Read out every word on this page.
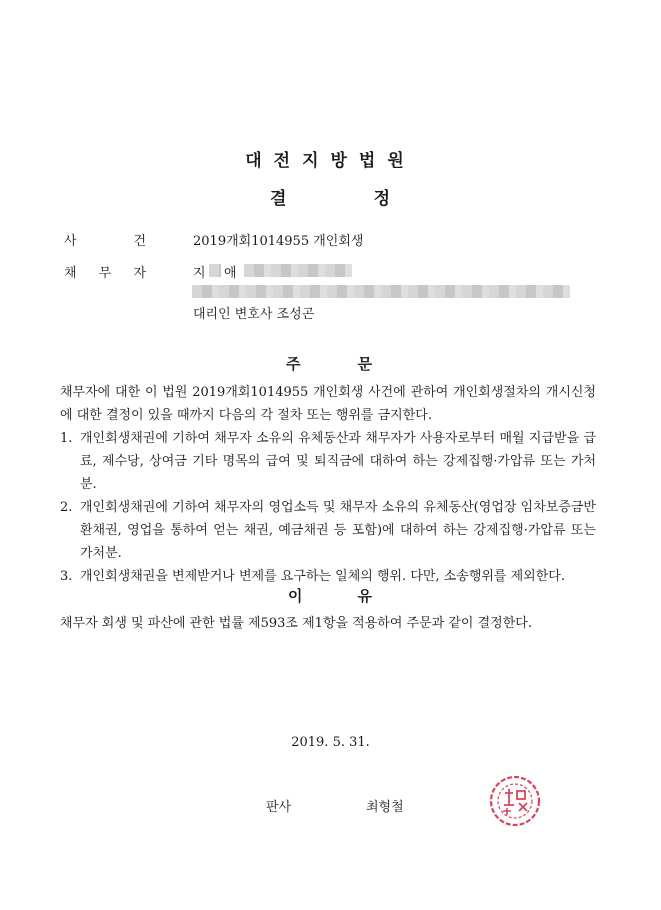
대전지방법원
결	정
사	건	2019개회1014955 개인회생
채 무 자	지 애
대리인 변호사 조성곤
주	문

채무자에 대한 이 법원 2019개회1014955 개인회생 사건에 관하여 개인회생절차의 개시신청에 대한 결정이 있을 때까지 다음의 각 절차 또는 행위를 금지한다.

1. 개인회생채권에 기하여 채무자 소유의 유체동산과 채무자가 사용자로부터 매월 지급받을 급료, 제수당, 상여금 기타 명목의 급여 및 퇴직금에 대하여 하는 강제집행·가압류 또는 가처분.
2. 개인회생채권에 기하여 채무자의 영업소득 및 채무자 소유의 유체동산(영업장 임차보증금반환채권, 영업을 통하여 얻는 채권, 예금채권 등 포함)에 대하여 하는 강제집행·가압류 또는 가처분.
3. 개인회생채권을 변제받거나 변제를 요구하는 일체의 행위. 다만, 소송행위를 제외한다.
이	유
채무자 회생 및 파산에 관한 법률 제593조 제1항을 적용하여 주문과 같이 결정한다.
2019. 5. 31.
판사	최형철
